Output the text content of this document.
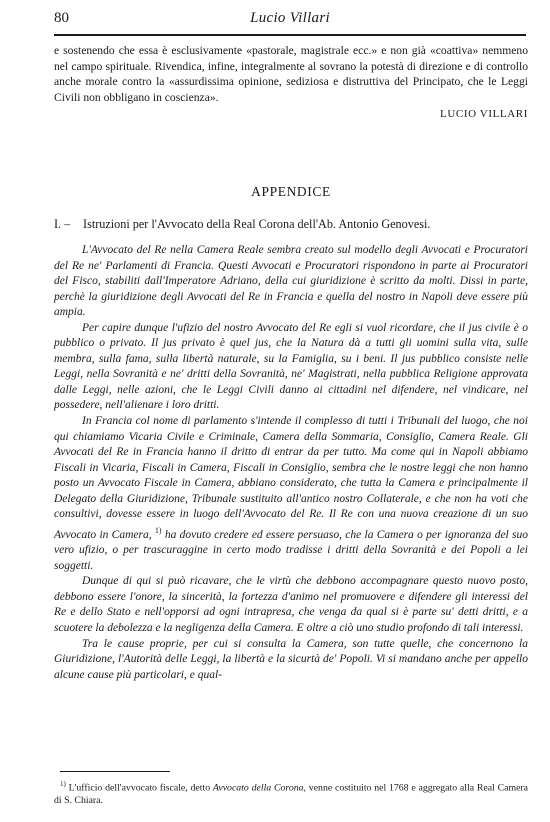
80	Lucio Villari

e sostenendo che essa è esclusivamente «pastorale, magistrale ecc.» e non già «coattiva» nemmeno nel campo spirituale. Rivendica, infine, integralmente al sovrano la potestà di direzione e di controllo anche morale contro la «assurdissima opinione, sediziosa e distruttiva del Principato, che le Leggi Civili non obbligano in coscienza».

LUCIO VILLARI
APPENDICE
I. – Istruzioni per l'Avvocato della Real Corona dell'Ab. Antonio Genovesi.

L'Avvocato del Re nella Camera Reale sembra creato sul modello degli Avvocati e Procuratori del Re ne' Parlamenti di Francia. Questi Avvocati e Procuratori rispondono in parte ai Procuratori del Fisco, stabiliti dall'Imperatore Adriano, della cui giuridizione è scritto da molti. Dissi in parte, perchè la giuridizione degli Avvocati del Re in Francia e quella del nostro in Napoli deve essere più ampia.

Per capire dunque l'ufizio del nostro Avvocato del Re egli si vuol ricordare, che il jus civile è o pubblico o privato. Il jus privato è quel jus, che la Natura dà a tutti gli uomini sulla vita, sulle membra, sulla fama, sulla libertà naturale, su la Famiglia, su i beni. Il jus pubblico consiste nelle Leggi, nella Sovranità e ne' dritti della Sovranità, ne' Magistrati, nella pubblica Religione approvata dalle Leggi, nelle azioni, che le Leggi Civili danno ai cittadini nel difendere, nel vindicare, nel possedere, nell'alienare i loro dritti.

In Francia col nome di parlamento s'intende il complesso di tutti i Tribunali del luogo, che noi qui chiamiamo Vicaria Civile e Criminale, Camera della Sommaria, Consiglio, Camera Reale. Gli Avvocati del Re in Francia hanno il dritto di entrar da per tutto. Ma come qui in Napoli abbiamo Fiscali in Vicaria, Fiscali in Camera, Fiscali in Consiglio, sembra che le nostre leggi che non hanno posto un Avvocato Fiscale in Camera, abbiano considerato, che tutta la Camera e principalmente il Delegato della Giuridizione, Tribunale sustituito all'antico nostro Collaterale, e che non ha voti che consultivi, dovesse essere in luogo dell'Avvocato del Re. Il Re con una nuova creazione di un suo Avvocato in Camera, $^{1)}$ ha dovuto credere ed essere persuaso, che la Camera o per ignoranza del suo vero ufizio, o per trascuraggine in certo modo tradisse i dritti della Sovranità e dei Popoli a lei soggetti.

Dunque di qui si può ricavare, che le virtù che debbono accompagnare questo nuovo posto, debbono essere l'onore, la sincerità, la fortezza d'animo nel promuovere e difendere gli interessi del Re e dello Stato e nell'opporsi ad ogni intrapresa, che venga da qual si è parte su' detti dritti, e a scuotere la debolezza e la negligenza della Camera. E oltre a ciò uno studio profondo di tali interessi.

Tra le cause proprie, per cui si consulta la Camera, son tutte quelle, che concernono la Giuridizione, l'Autorità delle Leggi, la libertà e la sicurtà de' Popoli. Vi si mandano anche per appello alcune cause più particolari, e qual-

$^{1)}$ L'ufficio dell'avvocato fiscale, detto Avvocato della Corona, venne costituito nel 1768 e aggregato alla Real Camera di S. Chiara.
